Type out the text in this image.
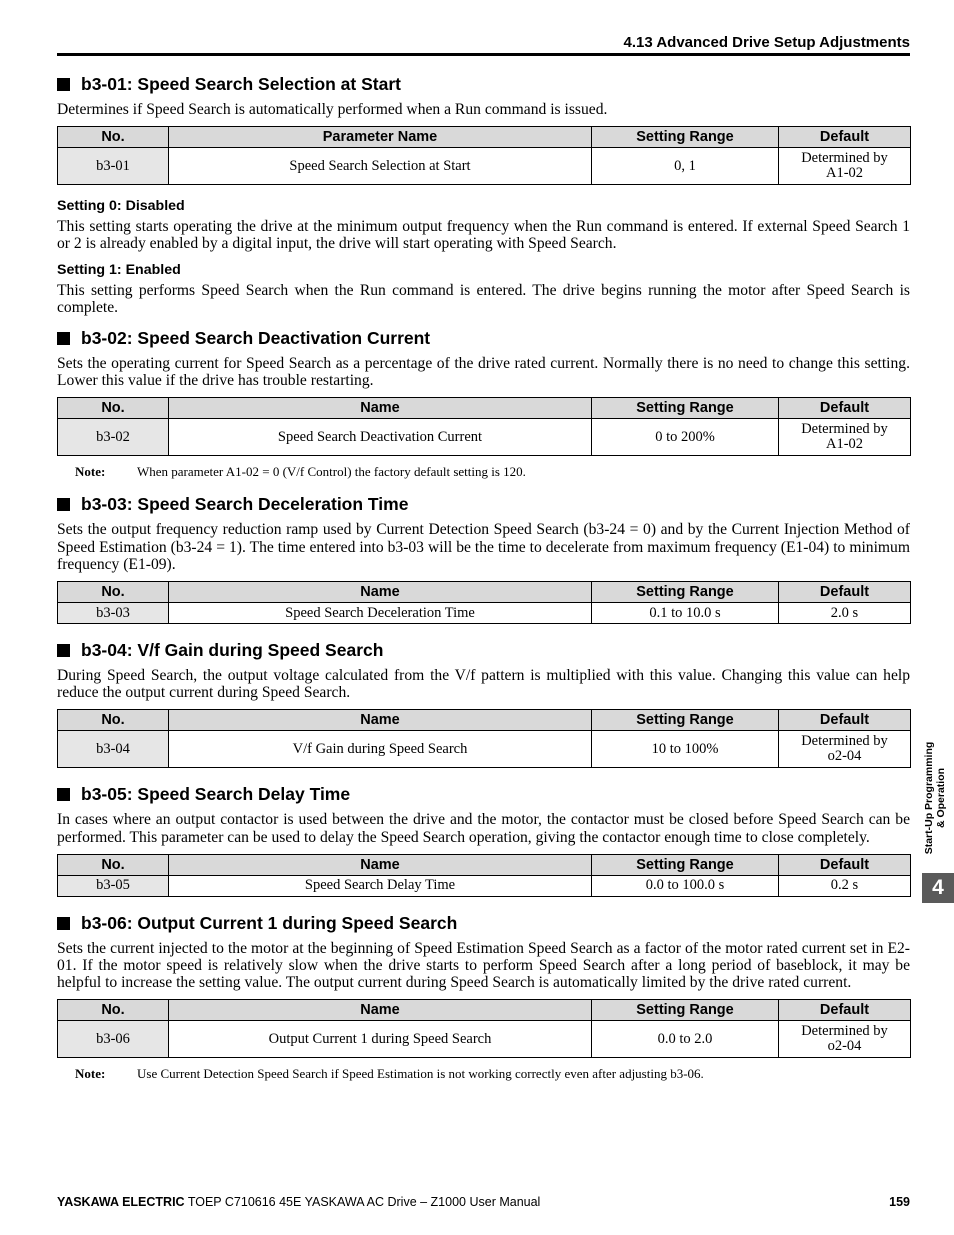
4.13 Advanced Drive Setup Adjustments
b3-01: Speed Search Selection at Start

Determines if Speed Search is automatically performed when a Run command is issued.

No.	Parameter Name	Setting Range	Default
b3-01	Speed Search Selection at Start	0, 1	Determined by
A1-02
Setting 0: Disabled

This setting starts operating the drive at the minimum output frequency when the Run command is entered. If external Speed Search 1 or 2 is already enabled by a digital input, the drive will start operating with Speed Search.

Setting 1: Enabled

This setting performs Speed Search when the Run command is entered. The drive begins running the motor after Speed Search is complete.

b3-02: Speed Search Deactivation Current

Sets the operating current for Speed Search as a percentage of the drive rated current. Normally there is no need to change this setting. Lower this value if the drive has trouble restarting.

No.	Name	Setting Range	Default
b3-02	Speed Search Deactivation Current	0 to 200%	Determined by
A1-02
Note:	When parameter A1-02 = 0 (V/f Control) the factory default setting is 120.
b3-03: Speed Search Deceleration Time

Sets the output frequency reduction ramp used by Current Detection Speed Search (b3-24 = 0) and by the Current Injection Method of Speed Estimation (b3-24 = 1). The time entered into b3-03 will be the time to decelerate from maximum frequency (E1-04) to minimum frequency (E1-09).

No.	Name	Setting Range	Default
b3-03	Speed Search Deceleration Time	0.1 to 10.0 s	2.0 s
b3-04: V/f Gain during Speed Search

During Speed Search, the output voltage calculated from the V/f pattern is multiplied with this value. Changing this value can help reduce the output current during Speed Search.

No.	Name	Setting Range	Default
b3-04	V/f Gain during Speed Search	10 to 100%	Determined by
o2-04
b3-05: Speed Search Delay Time

In cases where an output contactor is used between the drive and the motor, the contactor must be closed before Speed Search can be performed. This parameter can be used to delay the Speed Search operation, giving the contactor enough time to close completely.

No.	Name	Setting Range	Default
b3-05	Speed Search Delay Time	0.0 to 100.0 s	0.2 s
b3-06: Output Current 1 during Speed Search

Sets the current injected to the motor at the beginning of Speed Estimation Speed Search as a factor of the motor rated current set in E2-01. If the motor speed is relatively slow when the drive starts to perform Speed Search after a long period of baseblock, it may be helpful to increase the setting value. The output current during Speed Search is automatically limited by the drive rated current.

No.	Name	Setting Range	Default
b3-06	Output Current 1 during Speed Search	0.0 to 2.0	Determined by
o2-04
Note:	Use Current Detection Speed Search if Speed Estimation is not working correctly even after adjusting b3-06.
Start-Up Programming & Operation
4
YASKAWA ELECTRIC TOEP C710616 45E YASKAWA AC Drive – Z1000 User Manual	159
